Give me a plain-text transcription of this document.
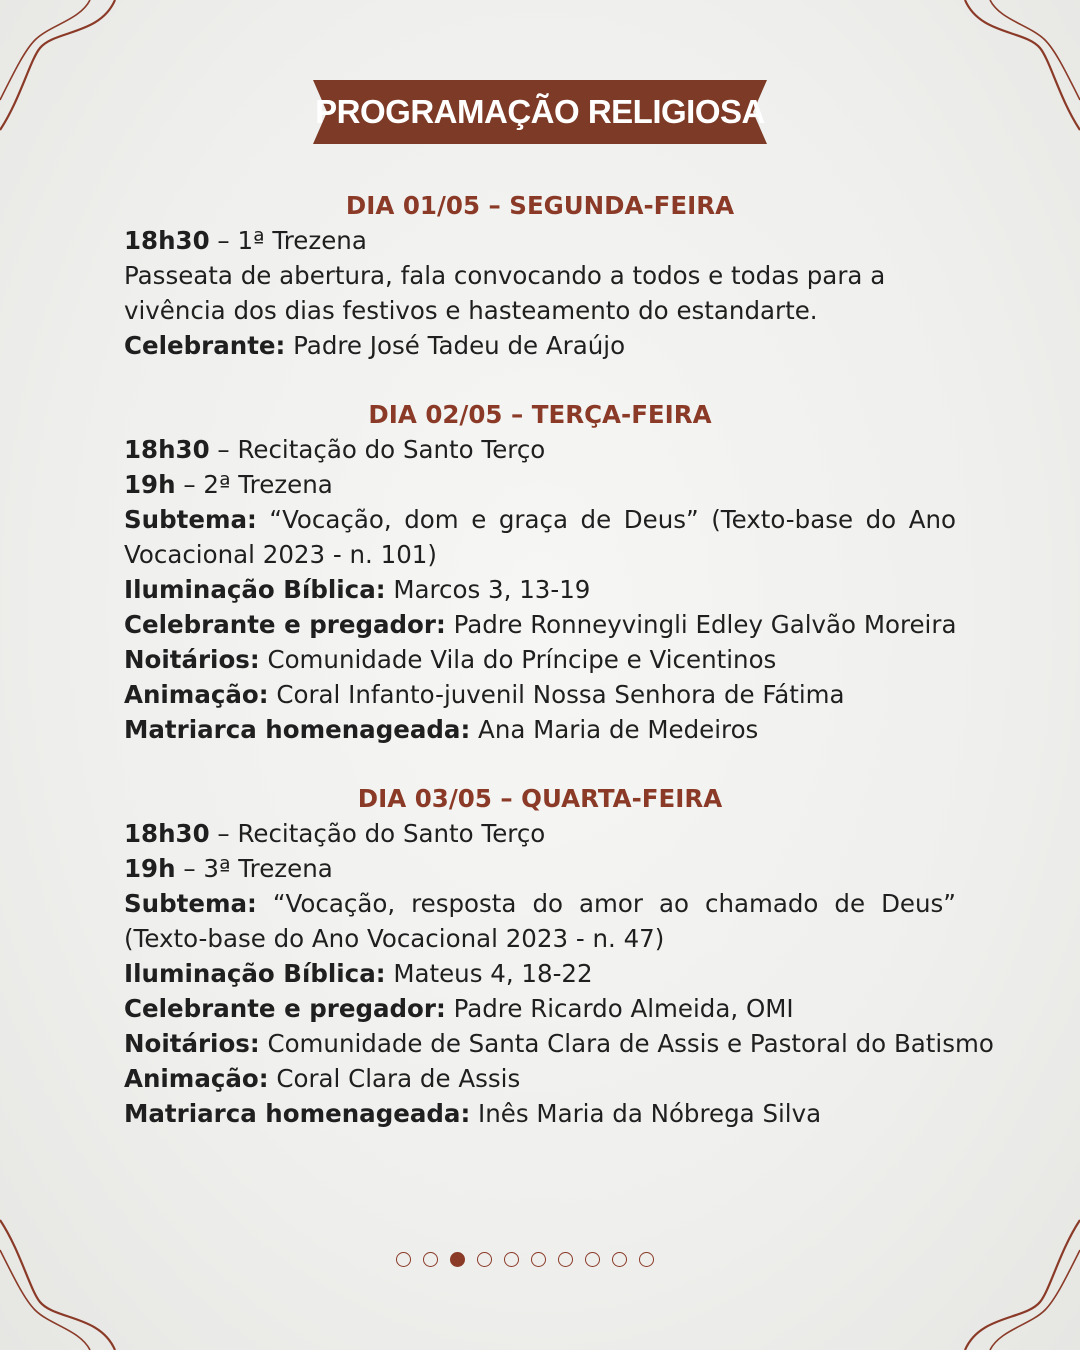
PROGRAMAÇÃO RELIGIOSA
DIA 01/05 – SEGUNDA-FEIRA
18h30 – 1ª Trezena
Passeata de abertura, fala convocando a todos e todas para a vivência dos dias festivos e hasteamento do estandarte.
Celebrante: Padre José Tadeu de Araújo
DIA 02/05 – TERÇA-FEIRA
18h30 – Recitação do Santo Terço
19h – 2ª Trezena
Subtema: “Vocação, dom e graça de Deus” (Texto-base do Ano Vocacional 2023 - n. 101)
Iluminação Bíblica: Marcos 3, 13-19
Celebrante e pregador: Padre Ronneyvingli Edley Galvão Moreira
Noitários: Comunidade Vila do Príncipe e Vicentinos
Animação: Coral Infanto-juvenil Nossa Senhora de Fátima
Matriarca homenageada: Ana Maria de Medeiros
DIA 03/05 – QUARTA-FEIRA
18h30 – Recitação do Santo Terço
19h – 3ª Trezena
Subtema: “Vocação, resposta do amor ao chamado de Deus” (Texto-base do Ano Vocacional 2023 - n. 47)
Iluminação Bíblica: Mateus 4, 18-22
Celebrante e pregador: Padre Ricardo Almeida, OMI
Noitários: Comunidade de Santa Clara de Assis e Pastoral do Batismo
Animação: Coral Clara de Assis
Matriarca homenageada: Inês Maria da Nóbrega Silva
